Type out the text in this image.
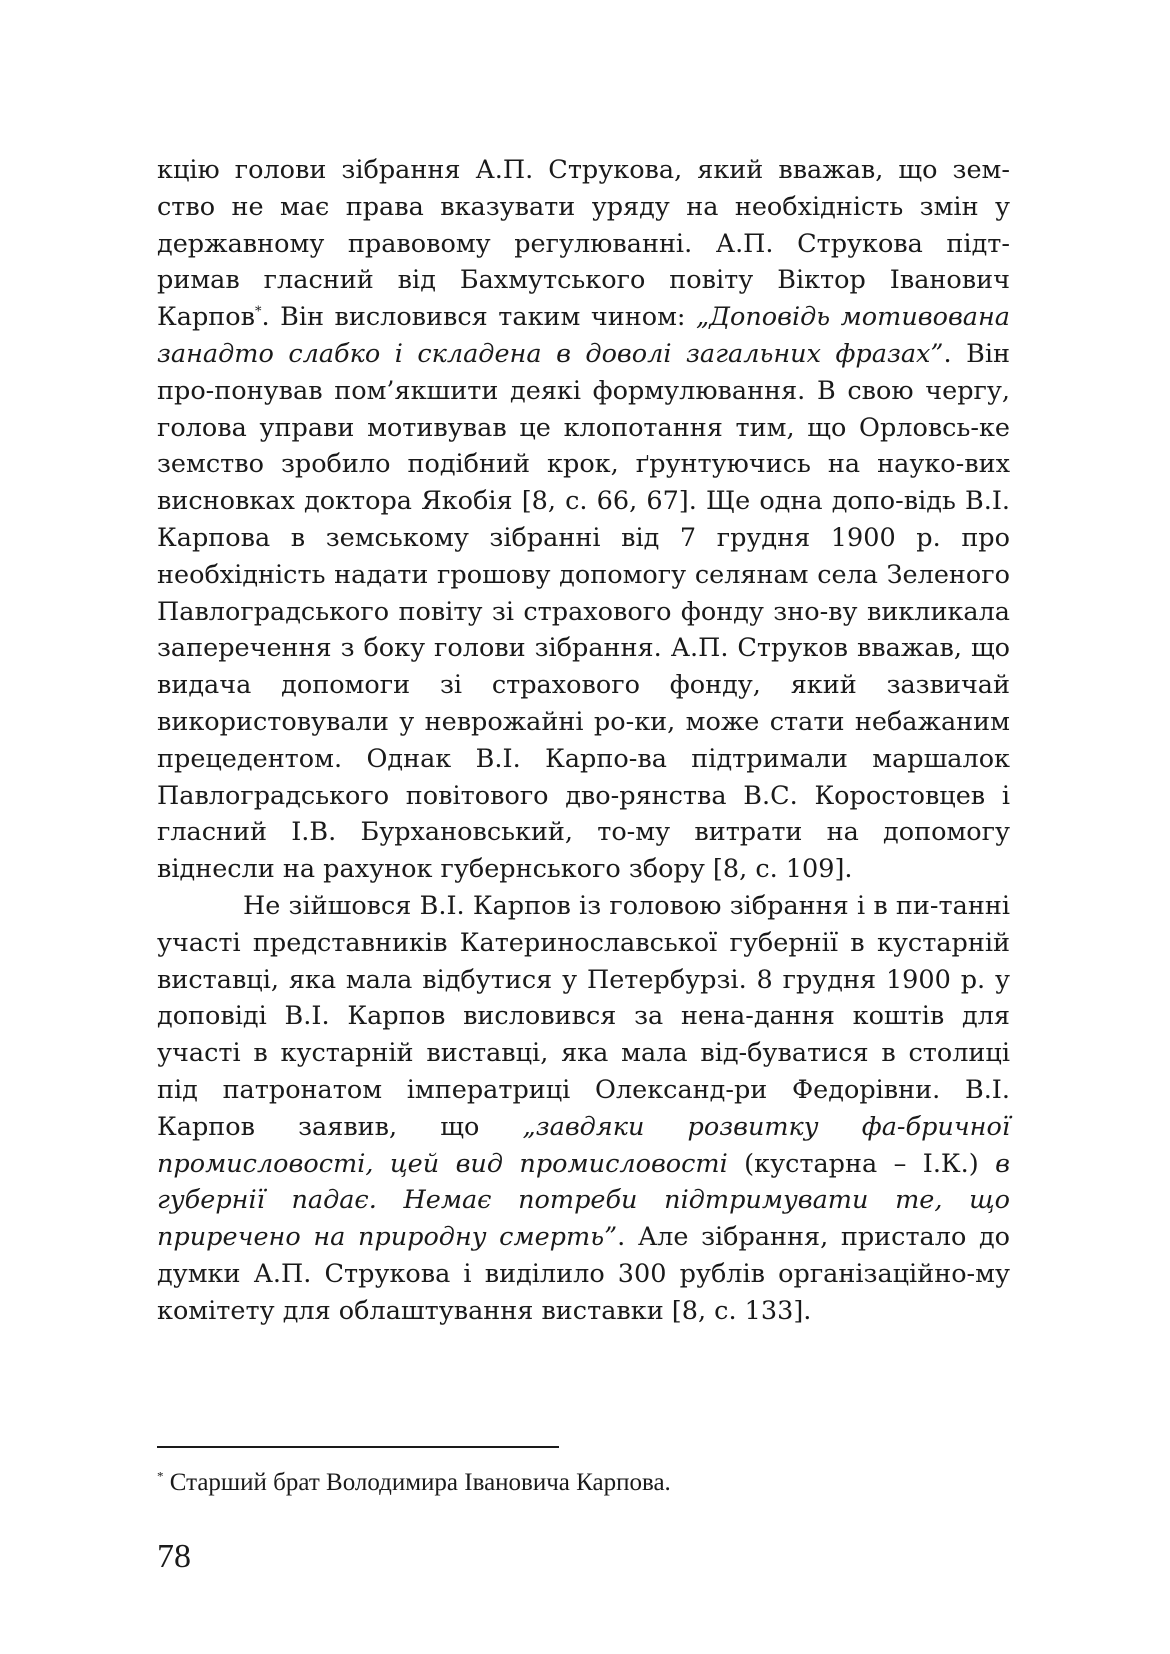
кцію голови зібрання А.П. Струкова, який вважав, що зем-ство не має права вказувати уряду на необхідність змін у державному правовому регулюванні. А.П. Струкова підт-римав гласний від Бахмутського повіту Віктор Іванович Карпов*. Він висловився таким чином: „Доповідь мотивована занадто слабко і складена в доволі загальних фразах”. Він про-понував пом’якшити деякі формулювання. В свою чергу, голова управи мотивував це клопотання тим, що Орловсь-ке земство зробило подібний крок, ґрунтуючись на науко-вих висновках доктора Якобія [8, с. 66, 67]. Ще одна допо-відь В.І. Карпова в земському зібранні від 7 грудня 1900 р. про необхідність надати грошову допомогу селянам села Зеленого Павлоградського повіту зі страхового фонду зно-ву викликала заперечення з боку голови зібрання. А.П. Струков вважав, що видача допомоги зі страхового фонду, який зазвичай використовували у неврожайні ро-ки, може стати небажаним прецедентом. Однак В.І. Карпо-ва підтримали маршалок Павлоградського повітового дво-рянства В.С. Коростовцев і гласний І.В. Бурхановський, то-му витрати на допомогу віднесли на рахунок губернського збору [8, с. 109].

Не зійшовся В.І. Карпов із головою зібрання і в пи-танні участі представників Катеринославської губернії в кустарній виставці, яка мала відбутися у Петербурзі. 8 грудня 1900 р. у доповіді В.І. Карпов висловився за нена-дання коштів для участі в кустарній виставці, яка мала від-буватися в столиці під патронатом імператриці Олександ-ри Федорівни. В.І. Карпов заявив, що „завдяки розвитку фа-бричної промисловості, цей вид промисловості (кустарна – І.К.) в губернії падає. Немає потреби підтримувати те, що приречено на природну смерть”. Але зібрання, пристало до думки А.П. Струкова і виділило 300 рублів організаційно-му комітету для облаштування виставки [8, с. 133].

* Старший брат Володимира Івановича Карпова.

78
